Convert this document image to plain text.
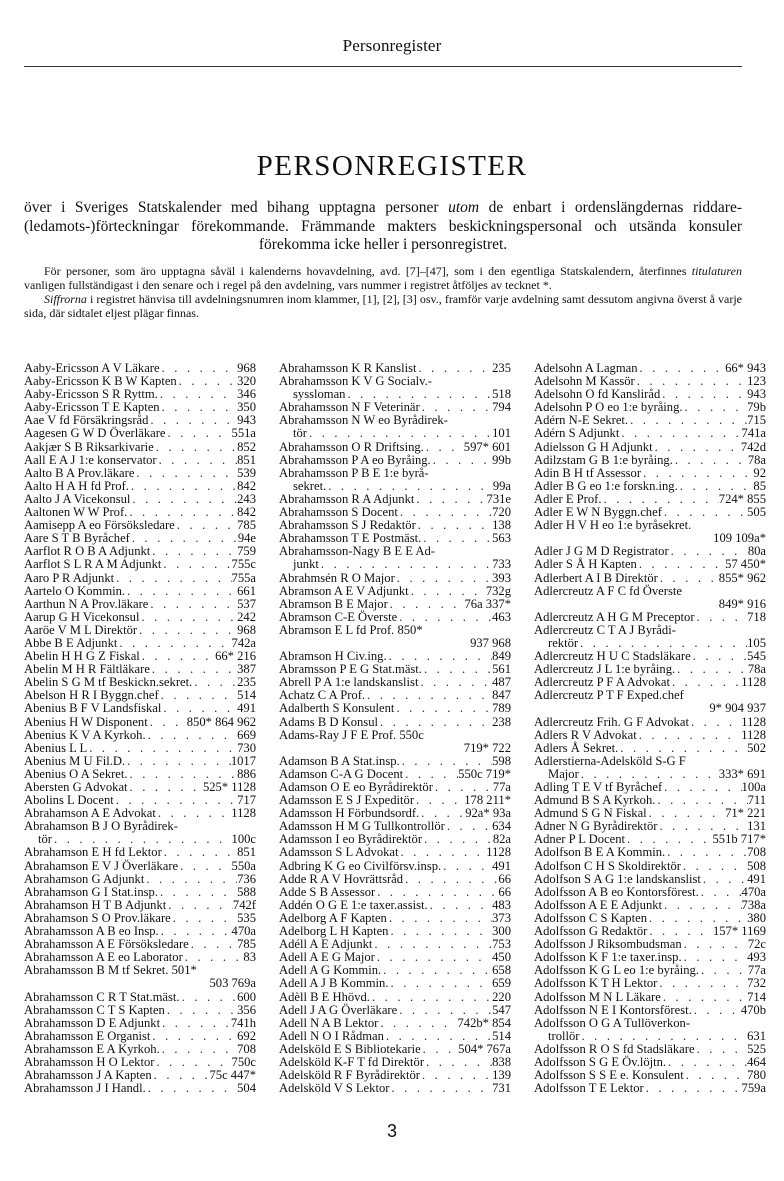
Personregister
PERSONREGISTER
över i Sveriges Statskalender med bihang upptagna personer utom de enbart i ordenslängdernas riddare-(ledamots-)förteckningar förekommande. Främmande makters beskickningspersonal och utsända konsuler förekomma icke heller i personregistret.

För personer, som äro upptagna såväl i kalenderns hovavdelning, avd. [7]–[47], som i den egentliga Statskalendern, återfinnes titulaturen vanligen fullständigast i den senare och i regel på den avdelning, vars nummer i registret åtföljes av tecknet *.

Siffrorna i registret hänvisa till avdelningsnumren inom klammer, [1], [2], [3] osv., framför varje avdelning samt dessutom angivna överst å varje sida, där sidtalet eljest plägar finnas.

Aaby-Ericsson A V Läkare . . .	968
Aaby-Ericsson K B W Kapten . . .	320
Aaby-Ericsson S R Ryttm. . . .	346
Aaby-Ericsson T E Kapten . . .	350
Aae V fd Försäkringsråd . . .	943
Aagesen G W D Överläkare . . .	551a
Aakjær S B Riksarkivarie . . .	852
Aall E A J 1:e konservator . . .	851
Aalto B A Prov.läkare . . .	539
Aalto H A H fd Prof. . . .	842
Aalto J A Vicekonsul . . .	243
Aaltonen W W Prof. . . .	842
Aamisepp A eo Försöksledare . . .	785
Aare S T B Byråchef . . .	94e
Aarflot R O B A Adjunkt . . .	759
Aarflot S L R A M Adjunkt . . .	755c
Aaro P R Adjunkt . . .	755a
Aartelo O Kommin. . . .	661
Aarthun N A Prov.läkare . . .	537
Aarup G H Vicekonsul . . .	242
Aaröe V M L Direktör . . .	968
Abbe B E Adjunkt . . .	742a
Abelin H H G Z Fiskal . . .	66* 216
Abelin M H R Fältläkare . . .	387
Abelin S G M tf Beskickn.sekret. . . .	235
Abelson H R I Byggn.chef . . .	514
Abenius B F V Landsfiskal . . .	491
Abenius H W Disponent . . .	850* 864 962
Abenius K V A Kyrkoh. . . .	669
Abenius L L . . .	730
Abenius M U Fil.D. . . .	1017
Abenius O A Sekret. . . .	886
Abersten G Advokat . . .	525* 1128
Abolins L Docent . . .	717
Abrahamson A E Advokat . . .	1128
Abrahamson B J O Byrådirek-
tör . . .	100c
Abrahamson E H fd Lektor . . .	851
Abrahamson E V J Överläkare . . .	550a
Abrahamson G Adjunkt . . .	736
Abrahamson G I Stat.insp. . . .	588
Abrahamson H T B Adjunkt . . .	742f
Abrahamson S O Prov.läkare . . .	535
Abrahamsson A B eo Insp. . . .	470a
Abrahamsson A E Försöksledare . . .	785
Abrahamsson A E eo Laborator . . .	83
Abrahamsson B M tf Sekret. 501*
503 769a
Abrahamsson C R T Stat.mäst. . . .	600
Abrahamsson C T S Kapten . . .	356
Abrahamsson D E Adjunkt . . .	741h
Abrahamsson E Organist . . .	692
Abrahamsson E A Kyrkoh. . . .	708
Abrahamsson H O Lektor . . .	750c
Abrahamsson J A Kapten . . .	75c 447*
Abrahamsson J I Handl. . . .	504
Abrahamsson K R Kanslist . . .	235
Abrahamsson K V G Socialv.-
syssloman . . .	518
Abrahamsson N F Veterinär . . .	794
Abrahamsson N W eo Byrådirek-
tör . . .	101
Abrahamsson O R Driftsing. . . .	597* 601
Abrahamsson P A eo Byråing. . . .	99b
Abrahamsson P B E 1:e byrå-
sekret. . . .	99a
Abrahamsson R A Adjunkt . . .	731e
Abrahamsson S Docent . . .	720
Abrahamsson S J Redaktör . . .	138
Abrahamsson T E Postmäst. . . .	563
Abrahamsson-Nagy B E E Ad-
junkt . . .	733
Abrahmsén R O Major . . .	393
Abramson A E V Adjunkt . . .	732g
Abramson B E Major . . .	76a 337*
Abramson C-E Överste . . .	463
Abramson E L fd Prof. 850*
937 968
Abramson H Civ.ing. . . .	849
Abramsson P E G Stat.mäst. . . .	561
Abrell P A 1:e landskanslist . . .	487
Achatz C A Prof. . . .	847
Adalberth S Konsulent . . .	789
Adams B D Konsul . . .	238
Adams-Ray J F E Prof. 550c
719* 722
Adamson B A Stat.insp. . . .	598
Adamson C-A G Docent . . .	550c 719*
Adamson O E eo Byrådirektör . . .	77a
Adamsson E S J Expeditör . . .	178 211*
Adamsson H Förbundsordf. . . .	92a* 93a
Adamsson H M G Tullkontrollör . . .	634
Adamsson I eo Byrådirektör . . .	82a
Adamsson S L Advokat . . .	1128
Adbring K G eo Civilförsv.insp. . . .	491
Adde R A V Hovrättsråd . . .	66
Adde S B Assessor . . .	66
Addén O G E 1:e taxer.assist. . . .	483
Adelborg A F Kapten . . .	373
Adelborg L H Kapten . . .	300
Adéll A E Adjunkt . . .	753
Adell A E G Major . . .	450
Adell A G Kommin. . . .	658
Adell A J B Kommin. . . .	659
Adèll B E Hhövd. . . .	220
Adell J A G Överläkare . . .	547
Adell N A B Lektor . . .	742b* 854
Adell N O I Rådman . . .	514
Adelsköld E S Bibliotekarie . . .	504* 767a
Adelsköld K-F T fd Direktör . . .	838
Adelsköld R F Byrådirektör . . .	139
Adelsköld V S Lektor . . .	731
Adelsohn A Lagman . . .	66* 943
Adelsohn M Kassör . . .	123
Adelsohn O fd Kansliråd . . .	943
Adelsohn P O eo 1:e byråing. . . .	79b
Adérn N-E Sekret. . . .	715
Adérn S Adjunkt . . .	741a
Adielsson G H Adjunkt . . .	742d
Adilzstam G B 1:e byråing. . . .	78a
Adin B H tf Assessor . . .	92
Adler B G eo 1:e forskn.ing. . . .	85
Adler E Prof. . . .	724* 855
Adler E W N Byggn.chef . . .	505
Adler H V H eo 1:e byråsekret.
109 109a*
Adler J G M D Registrator . . .	80a
Adler S Å H Kapten . . .	57 450*
Adlerbert A I B Direktör . . .	855* 962
Adlercreutz A F C fd Överste
849* 916
Adlercreutz A H G M Preceptor . . .	718
Adlercreutz C T A J Byrådi-
rektör . . .	105
Adlercreutz H U C Stadsläkare . . .	545
Adlercreutz J L 1:e byråing. . . .	78a
Adlercreutz P F A Advokat . . .	1128
Adlercreutz P T F Exped.chef
9* 904 937
Adlercreutz Frih. G F Advokat . . .	1128
Adlers R V Advokat . . .	1128
Adlers Å Sekret. . . .	502
Adlerstierna-Adelsköld S-G F
Major . . .	333* 691
Adling T E V tf Byråchef . . .	100a
Admund B S A Kyrkoh. . . .	711
Admund S G N Fiskal . . .	71* 221
Adner N G Byrådirektör . . .	131
Adner P L Docent . . .	551b 717*
Adolfson B E A Kommin. . . .	708
Adolfson C H S Skoldirektör . . .	508
Adolfson S A G 1:e landskanslist . . .	491
Adolfsson A B eo Kontorsförest. . . .	470a
Adolfsson A E E Adjunkt . . .	738a
Adolfsson C S Kapten . . .	380
Adolfsson G Redaktör . . .	157* 1169
Adolfsson J Riksombudsman . . .	72c
Adolfsson K F 1:e taxer.insp. . . .	493
Adolfsson K G L eo 1:e byråing. . . .	77a
Adolfsson K T H Lektor . . .	732
Adolfsson M N L Läkare . . .	714
Adolfsson N E I Kontorsförest. . . .	470b
Adolfsson O G A Tullöverkon-
trollör . . .	631
Adolfsson R O S fd Stadsläkare . . .	525
Adolfsson S G E Öv.löjtn. . . .	464
Adolfsson S S E e. Konsulent . . .	780
Adolfsson T E Lektor . . .	759a
3
